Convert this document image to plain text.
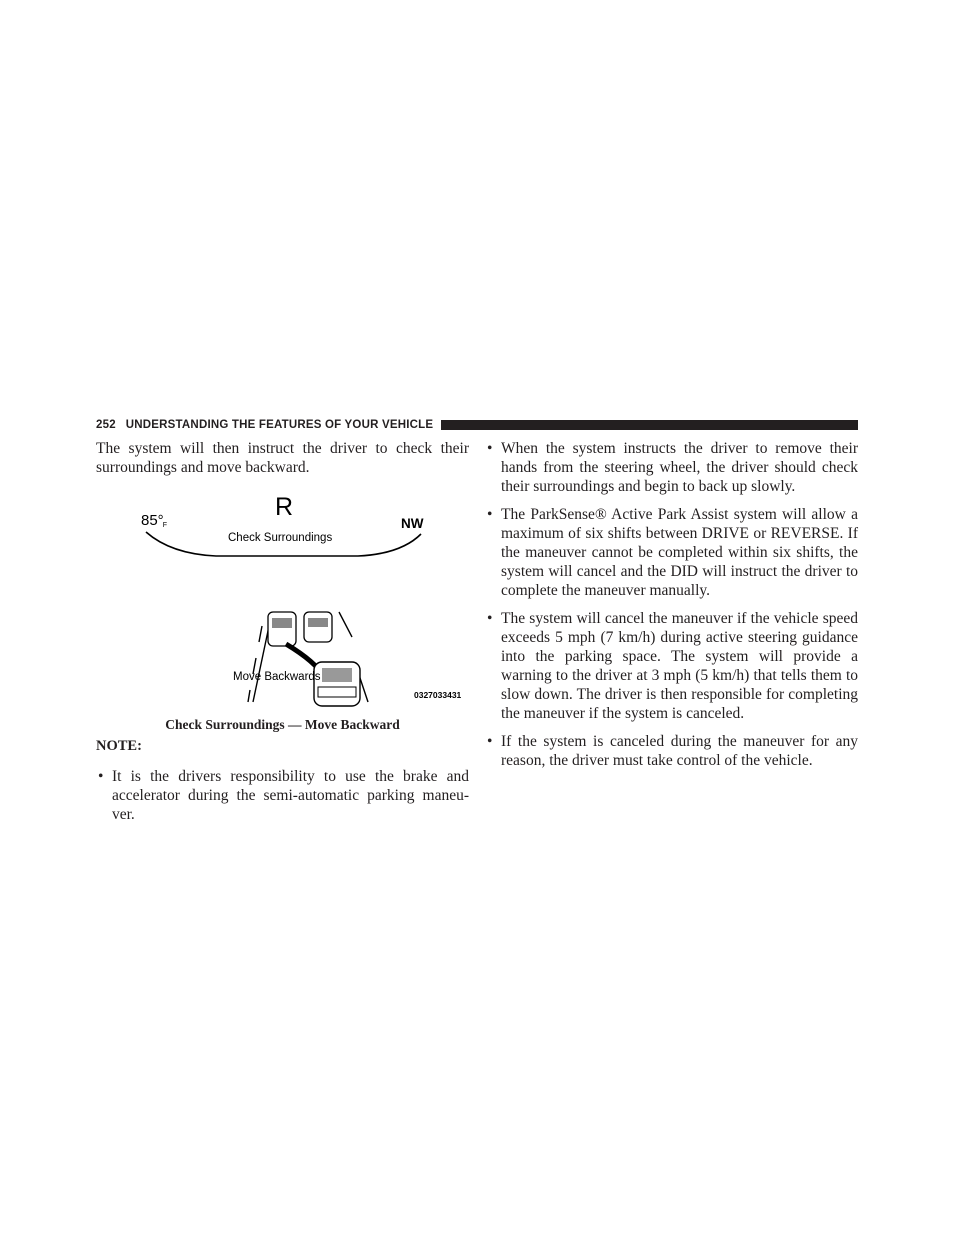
252 UNDERSTANDING THE FEATURES OF YOUR VEHICLE

The system will then instruct the driver to check their surroundings and move backward.

85°F
R
Check Surroundings
NW
Move Backwards
0327033431

Check Surroundings — Move Backward

NOTE:

• It is the drivers responsibility to use the brake and accelerator during the semi-automatic parking maneu- ver.
• When the system instructs the driver to remove their hands from the steering wheel, the driver should check their surroundings and begin to back up slowly.
• The ParkSense® Active Park Assist system will allow a maximum of six shifts between DRIVE or REVERSE. If the maneuver cannot be completed within six shifts, the system will cancel and the DID will instruct the driver to complete the maneuver manually.
• The system will cancel the maneuver if the vehicle speed exceeds 5 mph (7 km/h) during active steering guidance into the parking space. The system will provide a warning to the driver at 3 mph (5 km/h) that tells them to slow down. The driver is then responsible for completing the maneuver if the system is canceled.
• If the system is canceled during the maneuver for any reason, the driver must take control of the vehicle.
